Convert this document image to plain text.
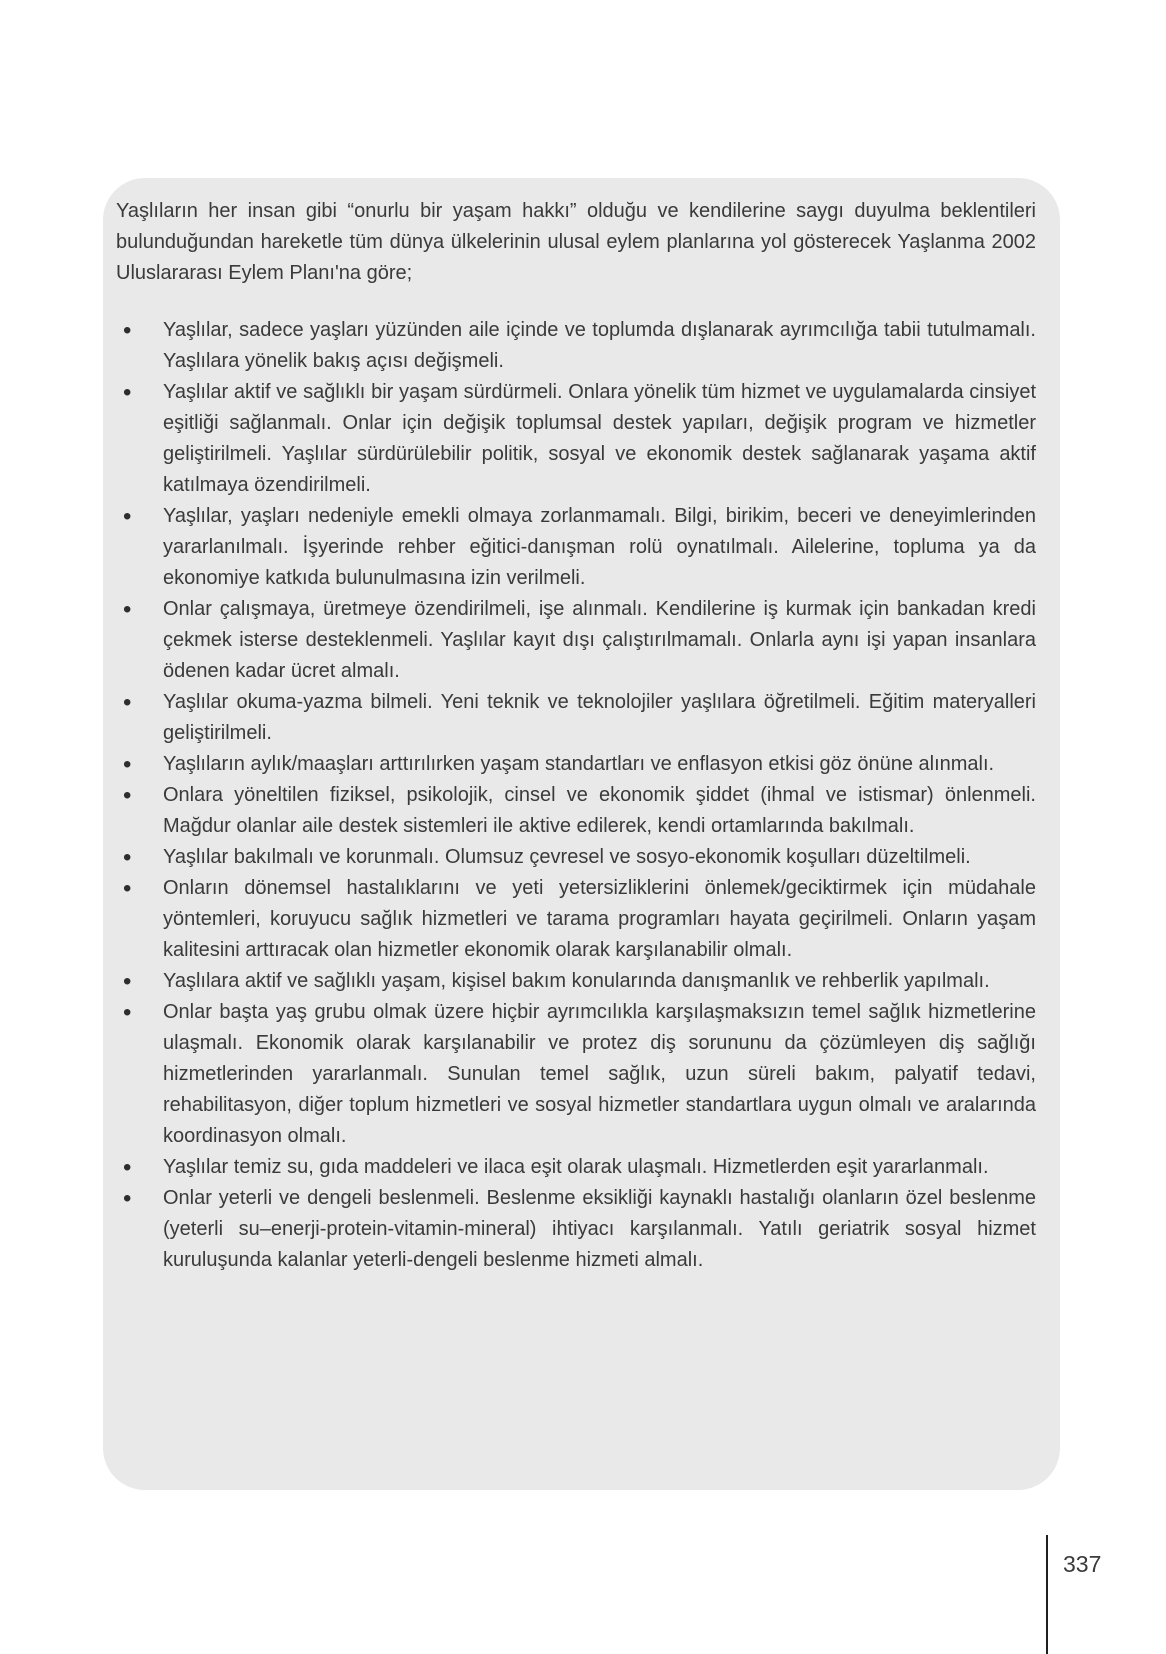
Yaşlıların her insan gibi “onurlu bir yaşam hakkı” olduğu ve kendilerine saygı duyulma beklentileri bulunduğundan hareketle tüm dünya ülkelerinin ulusal eylem planlarına yol gösterecek Yaşlanma 2002 Uluslararası Eylem Planı'na göre;

• Yaşlılar, sadece yaşları yüzünden aile içinde ve toplumda dışlanarak ayrımcılığa tabii tutulmamalı. Yaşlılara yönelik bakış açısı değişmeli.
• Yaşlılar aktif ve sağlıklı bir yaşam sürdürmeli. Onlara yönelik tüm hizmet ve uygulamalarda cinsiyet eşitliği sağlanmalı. Onlar için değişik toplumsal destek yapıları, değişik program ve hizmetler geliştirilmeli. Yaşlılar sürdürülebilir politik, sosyal ve ekonomik destek sağlanarak yaşama aktif katılmaya özendirilmeli.
• Yaşlılar, yaşları nedeniyle emekli olmaya zorlanmamalı. Bilgi, birikim, beceri ve deneyimlerinden yararlanılmalı. İşyerinde rehber eğitici-danışman rolü oynatılmalı. Ailelerine, topluma ya da ekonomiye katkıda bulunulmasına izin verilmeli.
• Onlar çalışmaya, üretmeye özendirilmeli, işe alınmalı. Kendilerine iş kurmak için bankadan kredi çekmek isterse desteklenmeli. Yaşlılar kayıt dışı çalıştırılmamalı. Onlarla aynı işi yapan insanlara ödenen kadar ücret almalı.
• Yaşlılar okuma-yazma bilmeli. Yeni teknik ve teknolojiler yaşlılara öğretilmeli. Eğitim materyalleri geliştirilmeli.
• Yaşlıların aylık/maaşları arttırılırken yaşam standartları ve enflasyon etkisi göz önüne alınmalı.
• Onlara yöneltilen fiziksel, psikolojik, cinsel ve ekonomik şiddet (ihmal ve istismar) önlenmeli. Mağdur olanlar aile destek sistemleri ile aktive edilerek, kendi ortamlarında bakılmalı.
• Yaşlılar bakılmalı ve korunmalı. Olumsuz çevresel ve sosyo-ekonomik koşulları düzeltilmeli.
• Onların dönemsel hastalıklarını ve yeti yetersizliklerini önlemek/geciktirmek için müdahale yöntemleri, koruyucu sağlık hizmetleri ve tarama programları hayata geçirilmeli. Onların yaşam kalitesini arttıracak olan hizmetler ekonomik olarak karşılanabilir olmalı.
• Yaşlılara aktif ve sağlıklı yaşam, kişisel bakım konularında danışmanlık ve rehberlik yapılmalı.
• Onlar başta yaş grubu olmak üzere hiçbir ayrımcılıkla karşılaşmaksızın temel sağlık hizmetlerine ulaşmalı. Ekonomik olarak karşılanabilir ve protez diş sorununu da çözümleyen diş sağlığı hizmetlerinden yararlanmalı. Sunulan temel sağlık, uzun süreli bakım, palyatif tedavi, rehabilitasyon, diğer toplum hizmetleri ve sosyal hizmetler standartlara uygun olmalı ve aralarında koordinasyon olmalı.
• Yaşlılar temiz su, gıda maddeleri ve ilaca eşit olarak ulaşmalı. Hizmetlerden eşit yararlanmalı.
• Onlar yeterli ve dengeli beslenmeli. Beslenme eksikliği kaynaklı hastalığı olanların özel beslenme (yeterli su–enerji-protein-vitamin-mineral) ihtiyacı karşılanmalı. Yatılı geriatrik sosyal hizmet kuruluşunda kalanlar yeterli-dengeli beslenme hizmeti almalı.
337
